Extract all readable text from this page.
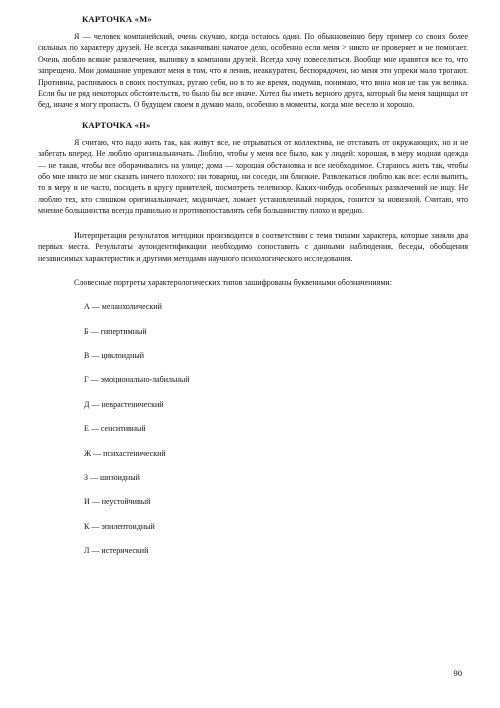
КАРТОЧКА «М»

Я — человек компанейский, очень скучаю, когда остаюсь один. По обыкновению беру пример со своих более сильных по характеру друзей. Не всегда заканчиваю начатое дело, особенно если меня > никто не проверяет и не помогает. Очень люблю всякие развлечения, выпивку в компании друзей. Всегда хочу повеселиться. Вообще мне нравятся все то, что запрещено. Мои домашние упрекают меня в том, что я ленив, неаккуратен, беспорядочен, но меня эти упреки мало трогают. Противны, распиваюсь в своих поступках, ругаю себя, но в то же время, подумав, понимаю, что вина моя не так уж велика. Если бы не ряд некоторых обстоятельств, то было бы все иначе. Хотел бы иметь верного друга, который бы меня защищал от бед, иначе я могу пропасть. О будущем своем я думаю мало, особенно в моменты, когда мне весело и хорошо.

КАРТОЧКА «Н»

Я считаю, что надо жить так, как живут все, не отрываться от коллектива, не отставать от окружающих, но и не забегать вперед. Не люблю оригинальничать. Люблю, чтобы у меня все было, как у людей: хорошая, в меру модная одежда — не такая, чтобы все оборачивались на улице; дома — хорошая обстановка и все необходимое. Стараюсь жить так, чтобы обо мне никто не мог сказать ничего плохого: ни товарищ, ни соседи, ни близкие. Развлекаться люблю как все: если выпить, то в меру и не часто, посидеть в кругу приятелей, посмотреть телевизор. Каких-нибудь особенных развлечений не ищу. Не люблю тех, кто слишком оригинальничает, модничает, ломает установленный порядок, гонится за новизной. Считаю, что мнение большинства всегда правильно и противопоставлять себя большинству плохо и вредно.

Интерпретация результатов методики производится в соответствии с темя типами характера, которые заняли два первых места. Результаты аутоидентификации необходимо сопоставить с данными наблюдения, беседы, обобщения независимых характеристик и другими методами научного психологического исследования.

Словесные портреты характерологических типов зашифрованы буквенными обозначениями:

А — меланхолический
Б — гипертимный
В — циклоидный
Г — эмоционально-лабильный
Д — неврастенический
Е — сенситивный
Ж — психастенический
З — шизоидный
И — неустойчивый
К — эпилептоидный
Л — истерический
90
